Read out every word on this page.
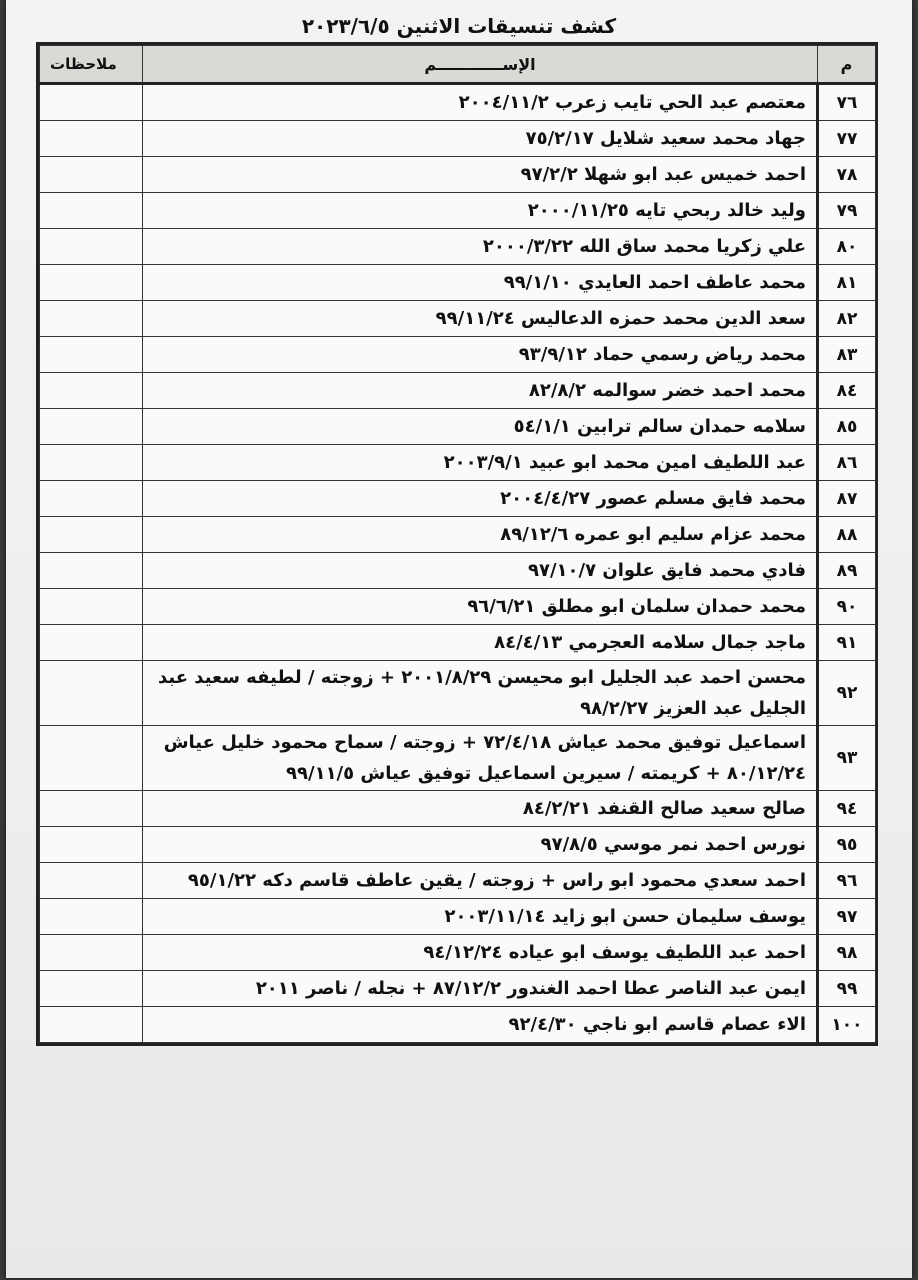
كشف تنسيقات الاثنين ٢٠٢٣/٦/٥
م	الإســــــــــــم	ملاحظات
٧٦	معتصم عبد الحي تايب زعرب ٢٠٠٤/١١/٢	
٧٧	جهاد محمد سعيد شلايل ٧٥/٢/١٧	
٧٨	احمد خميس عبد ابو شهلا ٩٧/٢/٢	
٧٩	وليد خالد ربحي تايه ٢٠٠٠/١١/٢٥	
٨٠	علي زكريا محمد ساق الله ٢٠٠٠/٣/٢٢	
٨١	محمد عاطف احمد العايدي ٩٩/١/١٠	
٨٢	سعد الدين محمد حمزه الدعاليس ٩٩/١١/٢٤	
٨٣	محمد رياض رسمي حماد ٩٣/٩/١٢	
٨٤	محمد احمد خضر سوالمه ٨٢/٨/٢	
٨٥	سلامه حمدان سالم ترابين ٥٤/١/١	
٨٦	عبد اللطيف امين محمد ابو عبيد ٢٠٠٣/٩/١	
٨٧	محمد فايق مسلم عصور ٢٠٠٤/٤/٢٧	
٨٨	محمد عزام سليم ابو عمره ٨٩/١٢/٦	
٨٩	فادي محمد فايق علوان ٩٧/١٠/٧	
٩٠	محمد حمدان سلمان ابو مطلق ٩٦/٦/٢١	
٩١	ماجد جمال سلامه العجرمي ٨٤/٤/١٣	
٩٢	محسن احمد عبد الجليل ابو محيسن ٢٠٠١/٨/٢٩ + زوجته / لطيفه سعيد عبد الجليل عبد العزيز ٩٨/٢/٢٧	
٩٣	اسماعيل توفيق محمد عياش ٧٢/٤/١٨ + زوجته / سماح محمود خليل عياش ٨٠/١٢/٢٤ + كريمته / سيرين اسماعيل توفيق عياش ٩٩/١١/٥	
٩٤	صالح سعيد صالح القنفد ٨٤/٢/٢١	
٩٥	نورس احمد نمر موسي ٩٧/٨/٥	
٩٦	احمد سعدي محمود ابو راس + زوجته / يقين عاطف قاسم دكه ٩٥/١/٢٢	
٩٧	يوسف سليمان حسن ابو زايد ٢٠٠٣/١١/١٤	
٩٨	احمد عبد اللطيف يوسف ابو عياده ٩٤/١٢/٢٤	
٩٩	ايمن عبد الناصر عطا احمد الغندور ٨٧/١٢/٢ + نجله / ناصر ٢٠١١	
١٠٠	الاء عصام قاسم ابو ناجي ٩٢/٤/٣٠	
